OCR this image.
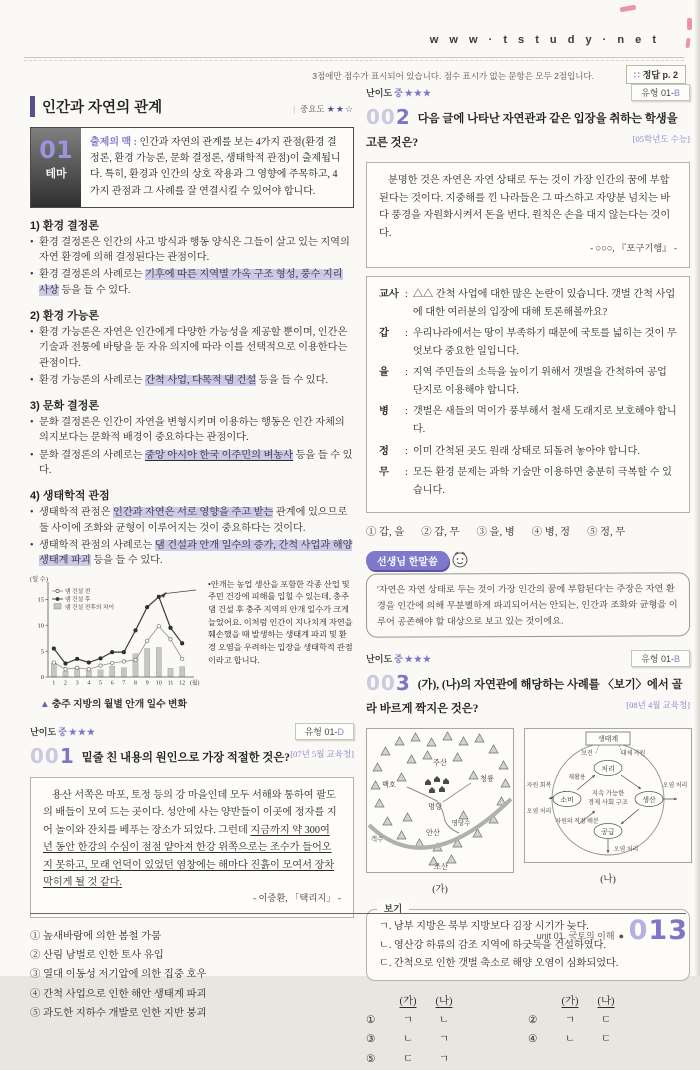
w w w · t s t u d y · n e t
3점에만 점수가 표시되어 있습니다. 점수 표시가 없는 문항은 모두 2점입니다.	∷ 정답 p. 2
인간과 자연의 관계	| 중요도 ★★☆
01
테마
출제의 맥 : 인간과 자연의 관계를 보는 4가지 관점(환경 결정론, 환경 가능론, 문화 결정론, 생태학적 관점)이 출제됩니다. 특히, 환경과 인간의 상호 작용과 그 영향에 주목하고, 4가지 관점과 그 사례를 잘 연결시킬 수 있어야 합니다.
1) 환경 결정론
• 환경 결정론은 인간의 사고 방식과 행동 양식은 그들이 살고 있는 지역의 자연 환경에 의해 결정된다는 관점이다.
• 환경 결정론의 사례로는 기후에 따른 지역별 가옥 구조 형성, 풍수 지리 사상 등을 들 수 있다.
2) 환경 가능론
• 환경 가능론은 자연은 인간에게 다양한 가능성을 제공할 뿐이며, 인간은 기술과 전통에 바탕을 둔 자유 의지에 따라 이를 선택적으로 이용한다는 관점이다.
• 환경 가능론의 사례로는 간척 사업, 다목적 댐 건설 등을 들 수 있다.
3) 문화 결정론
• 문화 결정론은 인간이 자연을 변형시키며 이용하는 행동은 인간 자체의 의지보다는 문화적 배경이 중요하다는 관점이다.
• 문화 결정론의 사례로는 중앙 아시아 한국 이주민의 벼농사 등을 들 수 있다.
4) 생태학적 관점
• 생태학적 관점은 인간과 자연은 서로 영향을 주고 받는 관계에 있으므로 둘 사이에 조화와 균형이 이루어지는 것이 중요하다는 것이다.
• 생태학적 관점의 사례로는 댐 건설과 안개 일수의 증가, 간척 사업과 해양 생태계 파괴 등을 들 수 있다.
0
5
10
15
1 2 3 4 5 6 7 8 9 10 11 12 (월)
(일 수)
댐 건설 전
댐 건설 후
댐 건설 전후의 차이
•안개는 농업 생산을 포함한 각종 산업 및 주민 건강에 피해를 입힐 수 있는데, 충주 댐 건설 후 충주 지역의 안개 일수가 크게 늘었어요. 이처럼 인간이 지나치게 자연을 훼손했을 때 발생하는 생태계 파괴 및 환경 오염을 우려하는 입장을 생태학적 관점이라고 합니다.
▲ 충주 지방의 월별 안개 일수 변화
난이도 중 ★★★	유형 01-D
001	[07년 5월 교육청]
밑줄 친 내용의 원인으로 가장 적절한 것은?
용산 서쪽은 마포, 토정 등의 강 마을인데 모두 서해와 통하여 팔도의 배들이 모여 드는 곳이다. 성안에 사는 양반들이 이곳에 정자를 지어 놀이와 잔치를 베푸는 장소가 되었다. 그런데 지금까지 약 300여 년 동안 한강의 수심이 점점 얕아져 한강 위쪽으로는 조수가 들어오지 못하고, 모래 언덕이 있었던 염창에는 해마다 진흙이 모여서 장차 막히게 될 것 같다.
- 이중환, 「택리지」 -
① 높새바람에 의한 봄철 가뭄
② 산림 남벌로 인한 토사 유입
③ 열대 이동성 저기압에 의한 집중 호우
④ 간척 사업으로 인한 해안 생태계 파괴
⑤ 과도한 지하수 개발로 인한 지반 붕괴
난이도 중 ★★★	유형 01-B
002 다음 글에 나타난 자연관과 같은 입장을 취하는 학생을 고른 것은?	[05학년도 수능]
분명한 것은 자연은 자연 상태로 두는 것이 가장 인간의 꿈에 부합된다는 것이다. 지중해를 낀 나라들은 그 따스하고 자양분 넘치는 바다 풍경을 자원화시켜서 돈을 번다. 원칙은 손을 대지 않는다는 것이다.
- ○○○, 『포구기행』 -
교사 : △△ 간척 사업에 대한 많은 논란이 있습니다. 갯벌 간척 사업에 대한 여러분의 입장에 대해 토론해볼까요?
갑	: 우리나라에서는 땅이 부족하기 때문에 국토를 넓히는 것이 무엇보다 중요한 일입니다.
을	: 지역 주민들의 소득을 높이기 위해서 갯벌을 간척하여 공업 단지로 이용해야 합니다.
병	: 갯벌은 새들의 먹이가 풍부해서 철새 도래지로 보호해야 합니다.
정	: 이미 간척된 곳도 원래 상태로 되돌려 놓아야 합니다.
무	: 모든 환경 문제는 과학 기술만 이용하면 충분히 극복할 수 있습니다.
① 갑, 을 ② 갑, 무 ③ 을, 병 ④ 병, 정 ⑤ 정, 무
선생님 한말씀
'자연은 자연 상태로 두는 것이 가장 인간의 꿈에 부합된다'는 주장은 자연 환경을 인간에 의해 무분별하게 파괴되어서는 안되는, 인간과 조화와 균형을 이루어 공존해야 할 대상으로 보고 있는 것이에요.
난이도 중 ★★★	유형 01-B
003 (가), (나)의 자연관에 해당하는 사례를 〈보기〉에서 골라 바르게 짝지은 것은?	[08년 4월 교육청]
주산
백호
청룡
명당
명당수
안산
조산
객수
(가)
생태계
처리
소비	생산
공급
보전	대체 자원
재활용
자원 회복
오염 처리
오염 처리
자원의 적정 배분
오염 처리
지속 가능한
경제 사회 구조
(나)
보기
ㄱ. 남부 지방은 북부 지방보다 김장 시기가 늦다.
ㄴ. 영산강 하류의 감조 지역에 하굿둑을 건설하였다.
ㄷ. 간척으로 인한 갯벌 축소로 해양 오염이 심화되었다.
(가)	(나)
①	ㄱ	ㄴ
③	ㄴ	ㄱ
⑤	ㄷ	ㄱ
(가)	(나)
②	ㄱ	ㄷ
④	ㄴ	ㄷ
unit 01. 국토의 이해 ● 013
